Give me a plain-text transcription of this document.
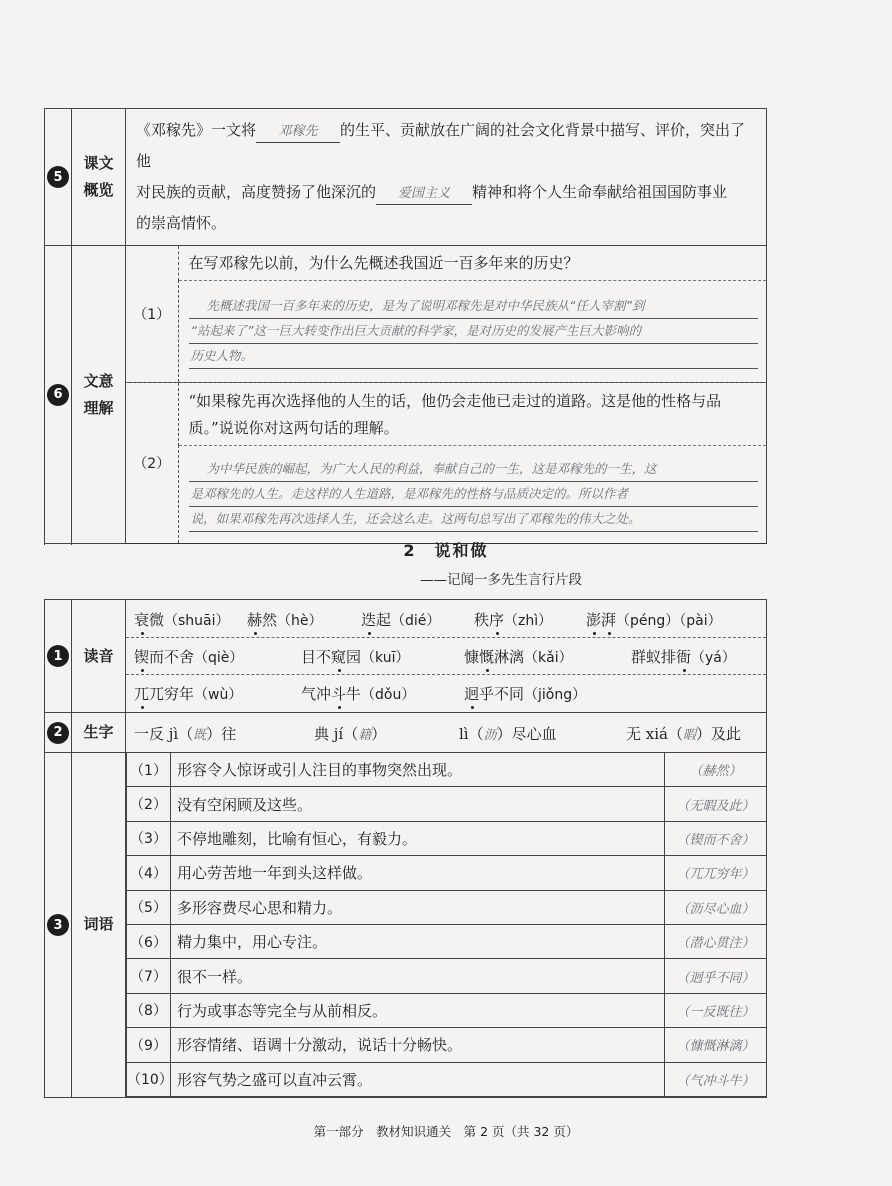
5	
课文
概览
	《邓稼先》一文将 邓稼先 的生平、贡献放在广阔的社会文化背景中描写、评价，突出了他
对民族的贡献，高度赞扬了他深沉的 爱国主义 精神和将个人生命奉献给祖国国防事业
的崇高情怀。
6	
文意
理解

（1）	在写邓稼先以前，为什么先概述我国近一百多年来的历史？

先概述我国一百多年来的历史，是为了说明邓稼先是对中华民族从“任人宰割”到
“站起来了”这一巨大转变作出巨大贡献的科学家，是对历史的发展产生巨大影响的
历史人物。

（2）	“如果稼先再次选择他的人生的话，他仍会走他已走过的道路。这是他的性格与品
质。”说说你对这两句话的理解。

为中华民族的崛起，为广大人民的利益，奉献自己的一生，这是邓稼先的一生，这
是邓稼先的人生。走这样的人生道路，是邓稼先的性格与品质决定的。所以作者
说，如果邓稼先再次选择人生，还会这么走。这两句总写出了邓稼先的伟大之处。

2　说和做
——记闻一多先生言行片段
1	读音	
衰微（shuāi） 赫然（hè）	迭起（dié） 秩序（zhì） 澎湃（péng）（pài）
锲而不舍（qiè）	目不窥园（kuī）	慷慨淋漓（kǎi）	群蚁排衙（yá）
兀兀穷年（wù）	气冲斗牛（dǒu）	迥乎不同（jiǒng）

2	生字	一反 jì（既）往	典 jí（籍）	lì（沥）尽心血	无 xiá（暇）及此

3	词语	
（1）	形容令人惊讶或引人注目的事物突然出现。	（赫然）
（2）	没有空闲顾及这些。	（无暇及此）
（3）	不停地雕刻，比喻有恒心，有毅力。	（锲而不舍）
（4）	用心劳苦地一年到头这样做。	（兀兀穷年）
（5）	多形容费尽心思和精力。	（沥尽心血）
（6）	精力集中，用心专注。	（潜心贯注）
（7）	很不一样。	（迥乎不同）
（8）	行为或事态等完全与从前相反。	（一反既往）
（9）	形容情绪、语调十分激动，说话十分畅快。	（慷慨淋漓）
（10）	形容气势之盛可以直冲云霄。	（气冲斗牛）
第一部分　教材知识通关　第 2 页（共 32 页）
